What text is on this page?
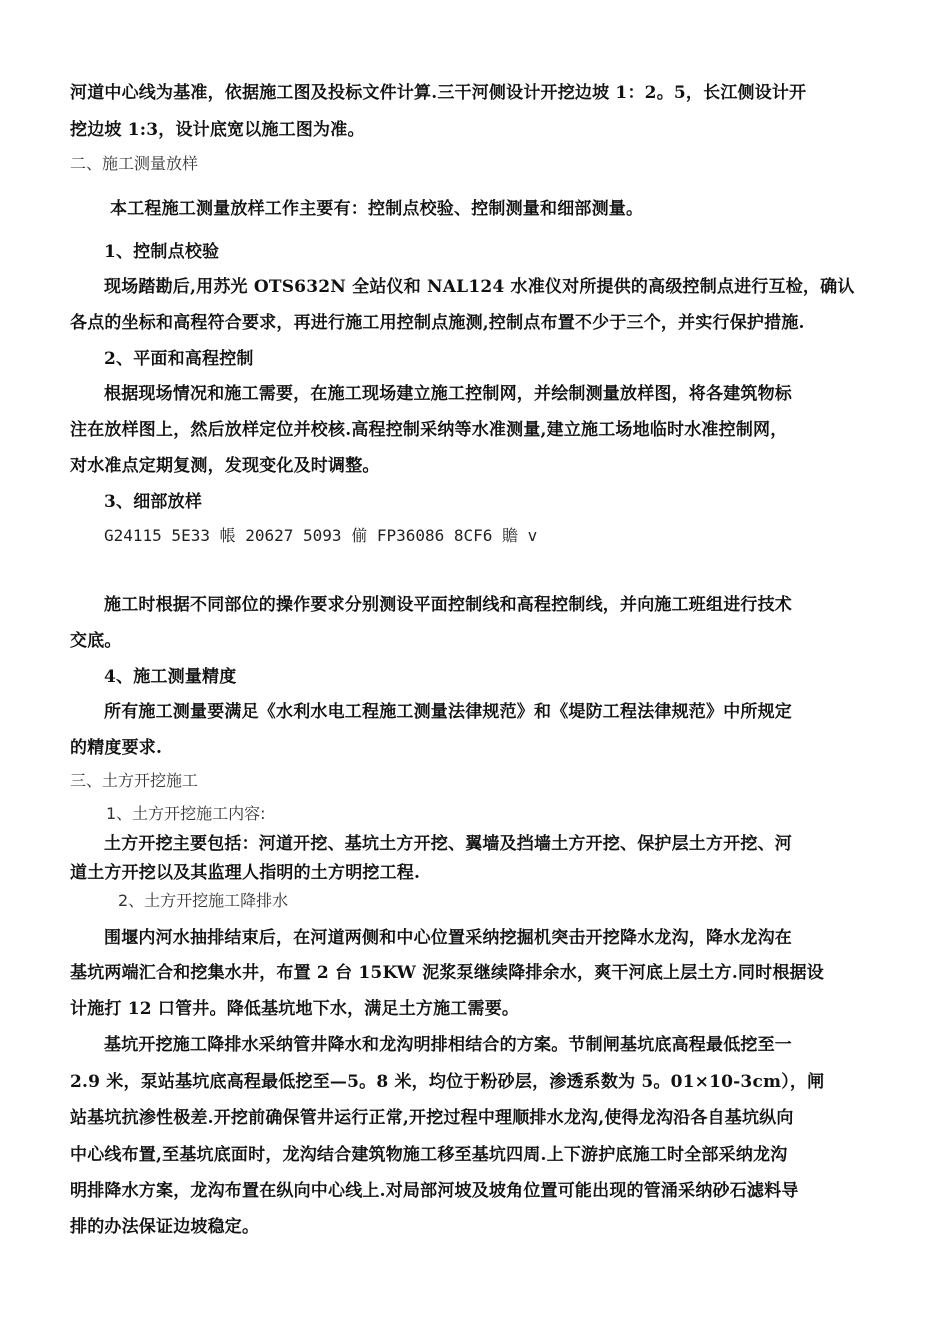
河道中心线为基准，依据施工图及投标文件计算.三干河侧设计开挖边坡 1：2。5，长江侧设计开
挖边坡 1:3，设计底宽以施工图为准。
二、施工测量放样
本工程施工测量放样工作主要有：控制点校验、控制测量和细部测量。
1、控制点校验
现场踏勘后,用苏光 OTS632N 全站仪和 NAL124 水准仪对所提供的高级控制点进行互检，确认
各点的坐标和高程符合要求，再进行施工用控制点施测,控制点布置不少于三个，并实行保护措施.
2、平面和高程控制
根据现场情况和施工需要，在施工现场建立施工控制网，并绘制测量放样图，将各建筑物标
注在放样图上，然后放样定位并校核.高程控制采纳等水准测量,建立施工场地临时水准控制网，
对水准点定期复测，发现变化及时调整。
3、细部放样
G24115 5E33 帳 20627 5093 偂 FP36086 8CF6 贍 v
施工时根据不同部位的操作要求分别测设平面控制线和高程控制线，并向施工班组进行技术
交底。
4、施工测量精度
所有施工测量要满足《水利水电工程施工测量法律规范》和《堤防工程法律规范》中所规定
的精度要求.
三、土方开挖施工
1、土方开挖施工内容:
土方开挖主要包括：河道开挖、基坑土方开挖、翼墙及挡墙土方开挖、保护层土方开挖、河
道土方开挖以及其监理人指明的土方明挖工程.
2、土方开挖施工降排水
围堰内河水抽排结束后，在河道两侧和中心位置采纳挖掘机突击开挖降水龙沟，降水龙沟在
基坑两端汇合和挖集水井，布置 2 台 15KW 泥浆泵继续降排余水，爽干河底上层土方.同时根据设
计施打 12 口管井。降低基坑地下水，满足土方施工需要。
基坑开挖施工降排水采纳管井降水和龙沟明排相结合的方案。节制闸基坑底高程最低挖至一
2.9 米，泵站基坑底高程最低挖至—5。8 米，均位于粉砂层，渗透系数为 5。01×10-3cm），闸
站基坑抗渗性极差.开挖前确保管井运行正常,开挖过程中理顺排水龙沟,使得龙沟沿各自基坑纵向
中心线布置,至基坑底面时，龙沟结合建筑物施工移至基坑四周.上下游护底施工时全部采纳龙沟
明排降水方案，龙沟布置在纵向中心线上.对局部河坡及坡角位置可能出现的管涌采纳砂石滤料导
排的办法保证边坡稳定。
